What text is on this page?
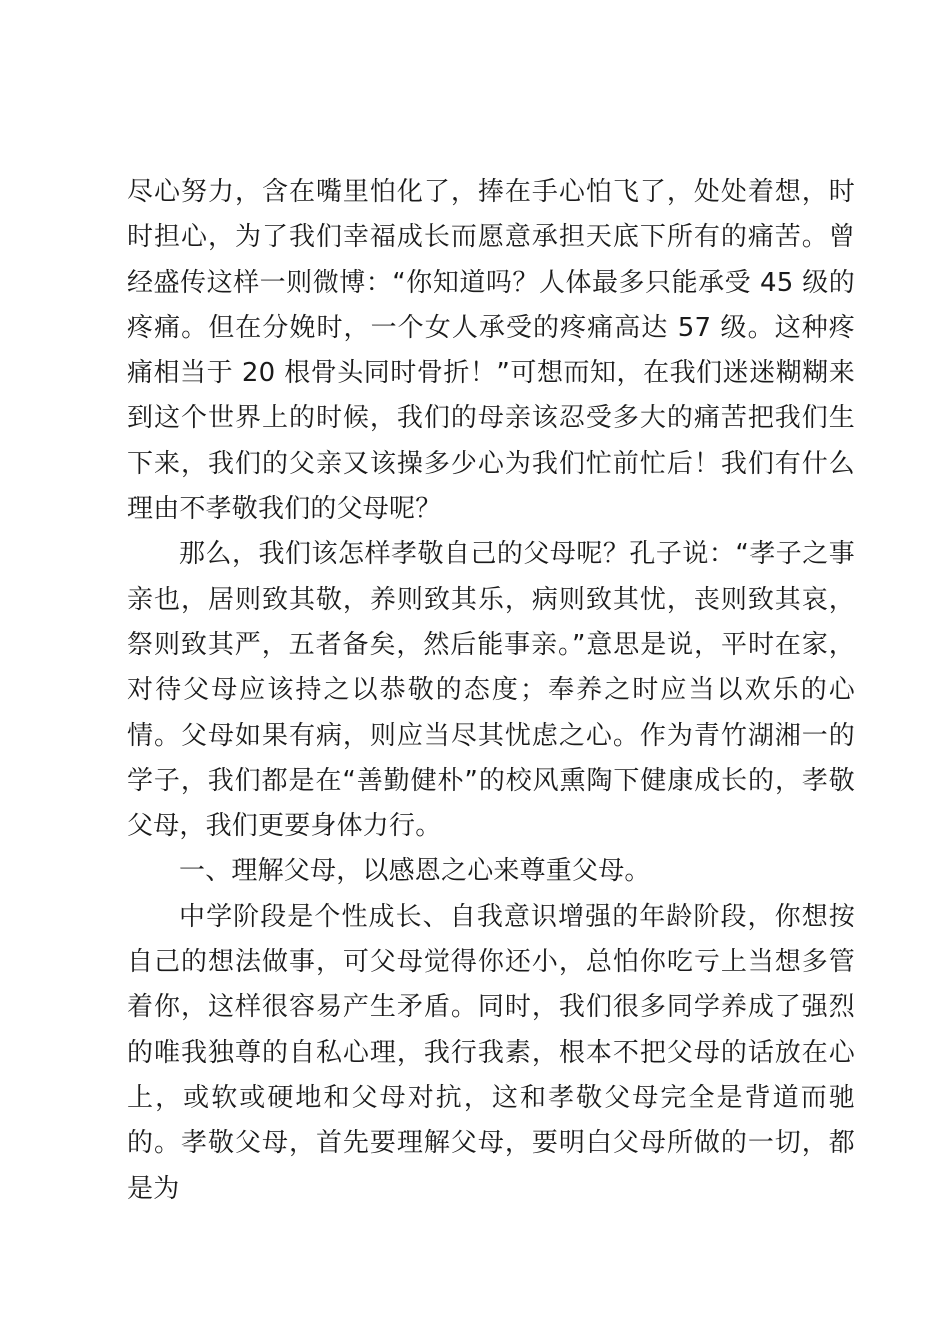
尽心努力，含在嘴里怕化了，捧在手心怕飞了，处处着想，时时担心，为了我们幸福成长而愿意承担天底下所有的痛苦。曾经盛传这样一则微博：“你知道吗？人体最多只能承受 45 级的疼痛。但在分娩时，一个女人承受的疼痛高达 57 级。这种疼痛相当于 20 根骨头同时骨折！”可想而知，在我们迷迷糊糊来到这个世界上的时候，我们的母亲该忍受多大的痛苦把我们生下来，我们的父亲又该操多少心为我们忙前忙后！我们有什么理由不孝敬我们的父母呢？

那么，我们该怎样孝敬自己的父母呢？孔子说：“孝子之事亲也，居则致其敬，养则致其乐，病则致其忧，丧则致其哀，祭则致其严，五者备矣，然后能事亲。”意思是说，平时在家，对待父母应该持之以恭敬的态度；奉养之时应当以欢乐的心情。父母如果有病，则应当尽其忧虑之心。作为青竹湖湘一的学子，我们都是在“善勤健朴”的校风熏陶下健康成长的，孝敬父母，我们更要身体力行。

一、理解父母，以感恩之心来尊重父母。

中学阶段是个性成长、自我意识增强的年龄阶段，你想按自己的想法做事，可父母觉得你还小，总怕你吃亏上当想多管着你，这样很容易产生矛盾。同时，我们很多同学养成了强烈的唯我独尊的自私心理，我行我素，根本不把父母的话放在心上，或软或硬地和父母对抗，这和孝敬父母完全是背道而驰的。孝敬父母，首先要理解父母，要明白父母所做的一切，都是为
